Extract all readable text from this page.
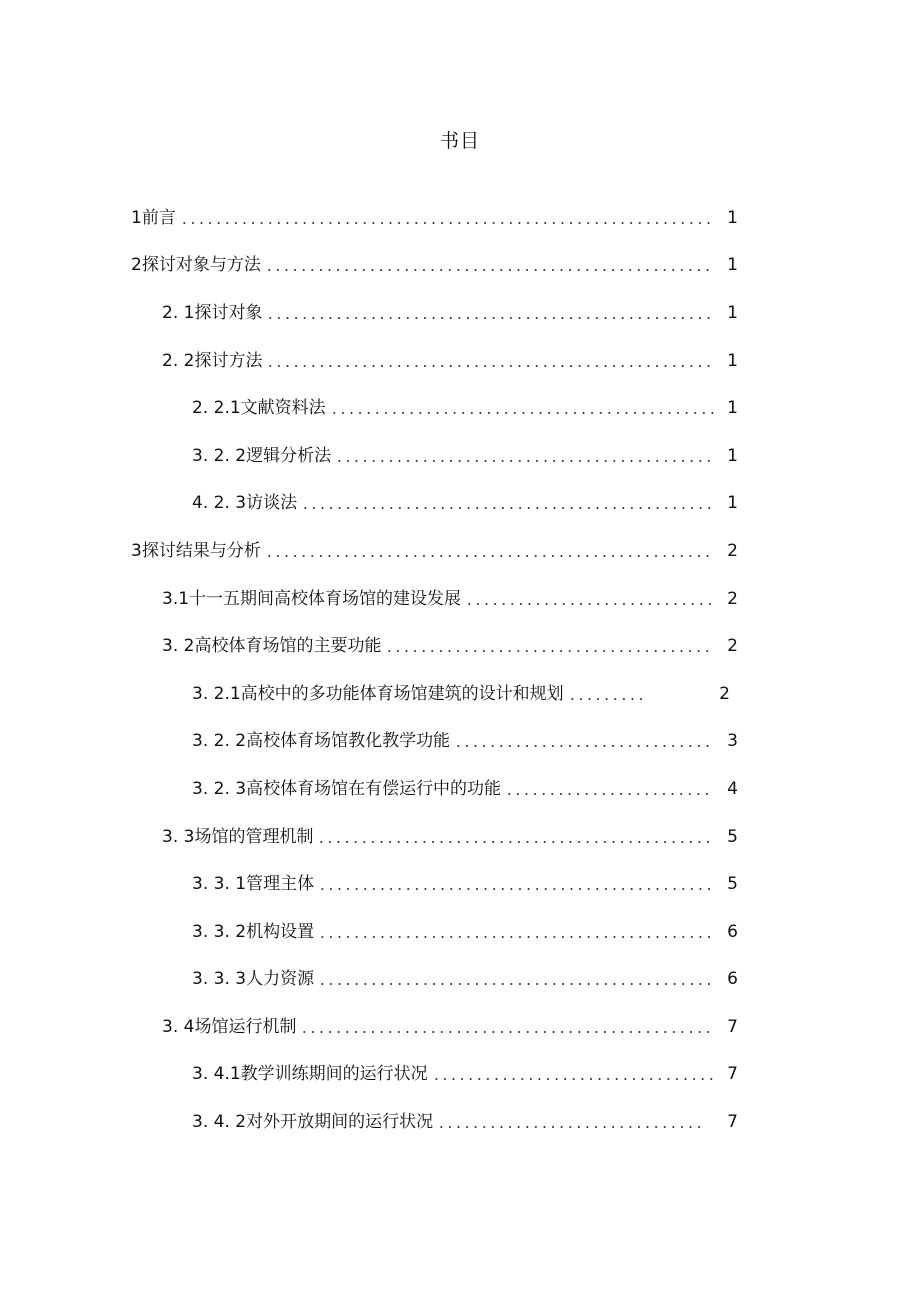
书目
1前言	1
2探讨对象与方法	1
2. 1探讨对象	1
2. 2探讨方法	1
2. 2.1文献资料法	1
3. 2. 2逻辑分析法	1
4. 2. 3访谈法	1
3探讨结果与分析	2
3.1十一五期间高校体育场馆的建设发展	2
3. 2高校体育场馆的主要功能	2
3. 2.1高校中的多功能体育场馆建筑的设计和规划	2
3. 2. 2高校体育场馆教化教学功能	3
3. 2. 3高校体育场馆在有偿运行中的功能	4
3. 3场馆的管理机制	5
3. 3. 1管理主体	5
3. 3. 2机构设置	6
3. 3. 3人力资源	6
3. 4场馆运行机制	7
3. 4.1教学训练期间的运行状况	7
3. 4. 2对外开放期间的运行状况	7
